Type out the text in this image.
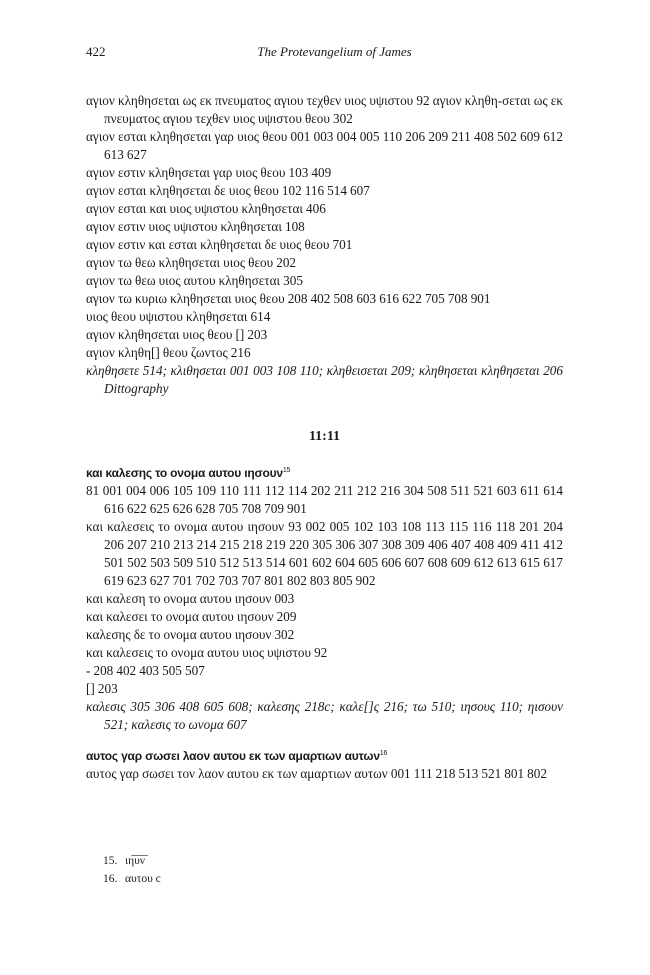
422	The Protevangelium of James
αγιον κληθησεται ως εκ πνευματος αγιου τεχθεν υιος υψιστου 92 αγιον κληθη-σεται ως εκ πνευματος αγιου τεχθεν υιος υψιστου θεου 302
αγιον εσται κληθησεται γαρ υιος θεου 001 003 004 005 110 206 209 211 408 502 609 612 613 627
αγιον εστιν κληθησεται γαρ υιος θεου 103 409
αγιον εσται κληθησεται δε υιος θεου 102 116 514 607
αγιον εσται και υιος υψιστου κληθησεται 406
αγιον εστιν υιος υψιστου κληθησεται 108
αγιον εστιν και εσται κληθησεται δε υιος θεου 701
αγιον τω θεω κληθησεται υιος θεου 202
αγιον τω θεω υιος αυτου κληθησεται 305
αγιον τω κυριω κληθησεται υιος θεου 208 402 508 603 616 622 705 708 901
υιος θεου υψιστου κληθησεται 614
αγιον κληθησεται υιος θεου [] 203
αγιον κληθη[] θεου ζωντος 216
κληθησετε 514; κλιθησεται 001 003 108 110; κληθεισεται 209; κληθησεται κληθησεται 206 Dittography
11:11
και καλεσης το ονομα αυτου ιησουν$^{15}$
81 001 004 006 105 109 110 111 112 114 202 211 212 216 304 508 511 521 603 611 614 616 622 625 626 628 705 708 709 901
και καλεσεις το ονομα αυτου ιησουν 93 002 005 102 103 108 113 115 116 118 201 204 206 207 210 213 214 215 218 219 220 305 306 307 308 309 406 407 408 409 411 412 501 502 503 509 510 512 513 514 601 602 604 605 606 607 608 609 612 613 615 617 619 623 627 701 702 703 707 801 802 803 805 902
και καλεση το ονομα αυτου ιησουν 003
και καλεσει το ονομα αυτου ιησουν 209
καλεσης δε το ονομα αυτου ιησουν 302
και καλεσεις το ονομα αυτου υιος υψιστου 92
- 208 402 403 505 507
[] 203
καλεσις 305 306 408 605 608; καλεσης 218c; καλε[]ς 216; τω 510; ιησους 110; ηισουν 521; καλεσις το ωνομα 607
αυτος γαρ σωσει λαον αυτου εκ των αμαρτιων αυτων$^{16}$
αυτος γαρ σωσει τον λαον αυτου εκ των αμαρτιων αυτων 001 111 218 513 521 801 802
15. ιη̅υ̅ν̅
16. αυτου c
